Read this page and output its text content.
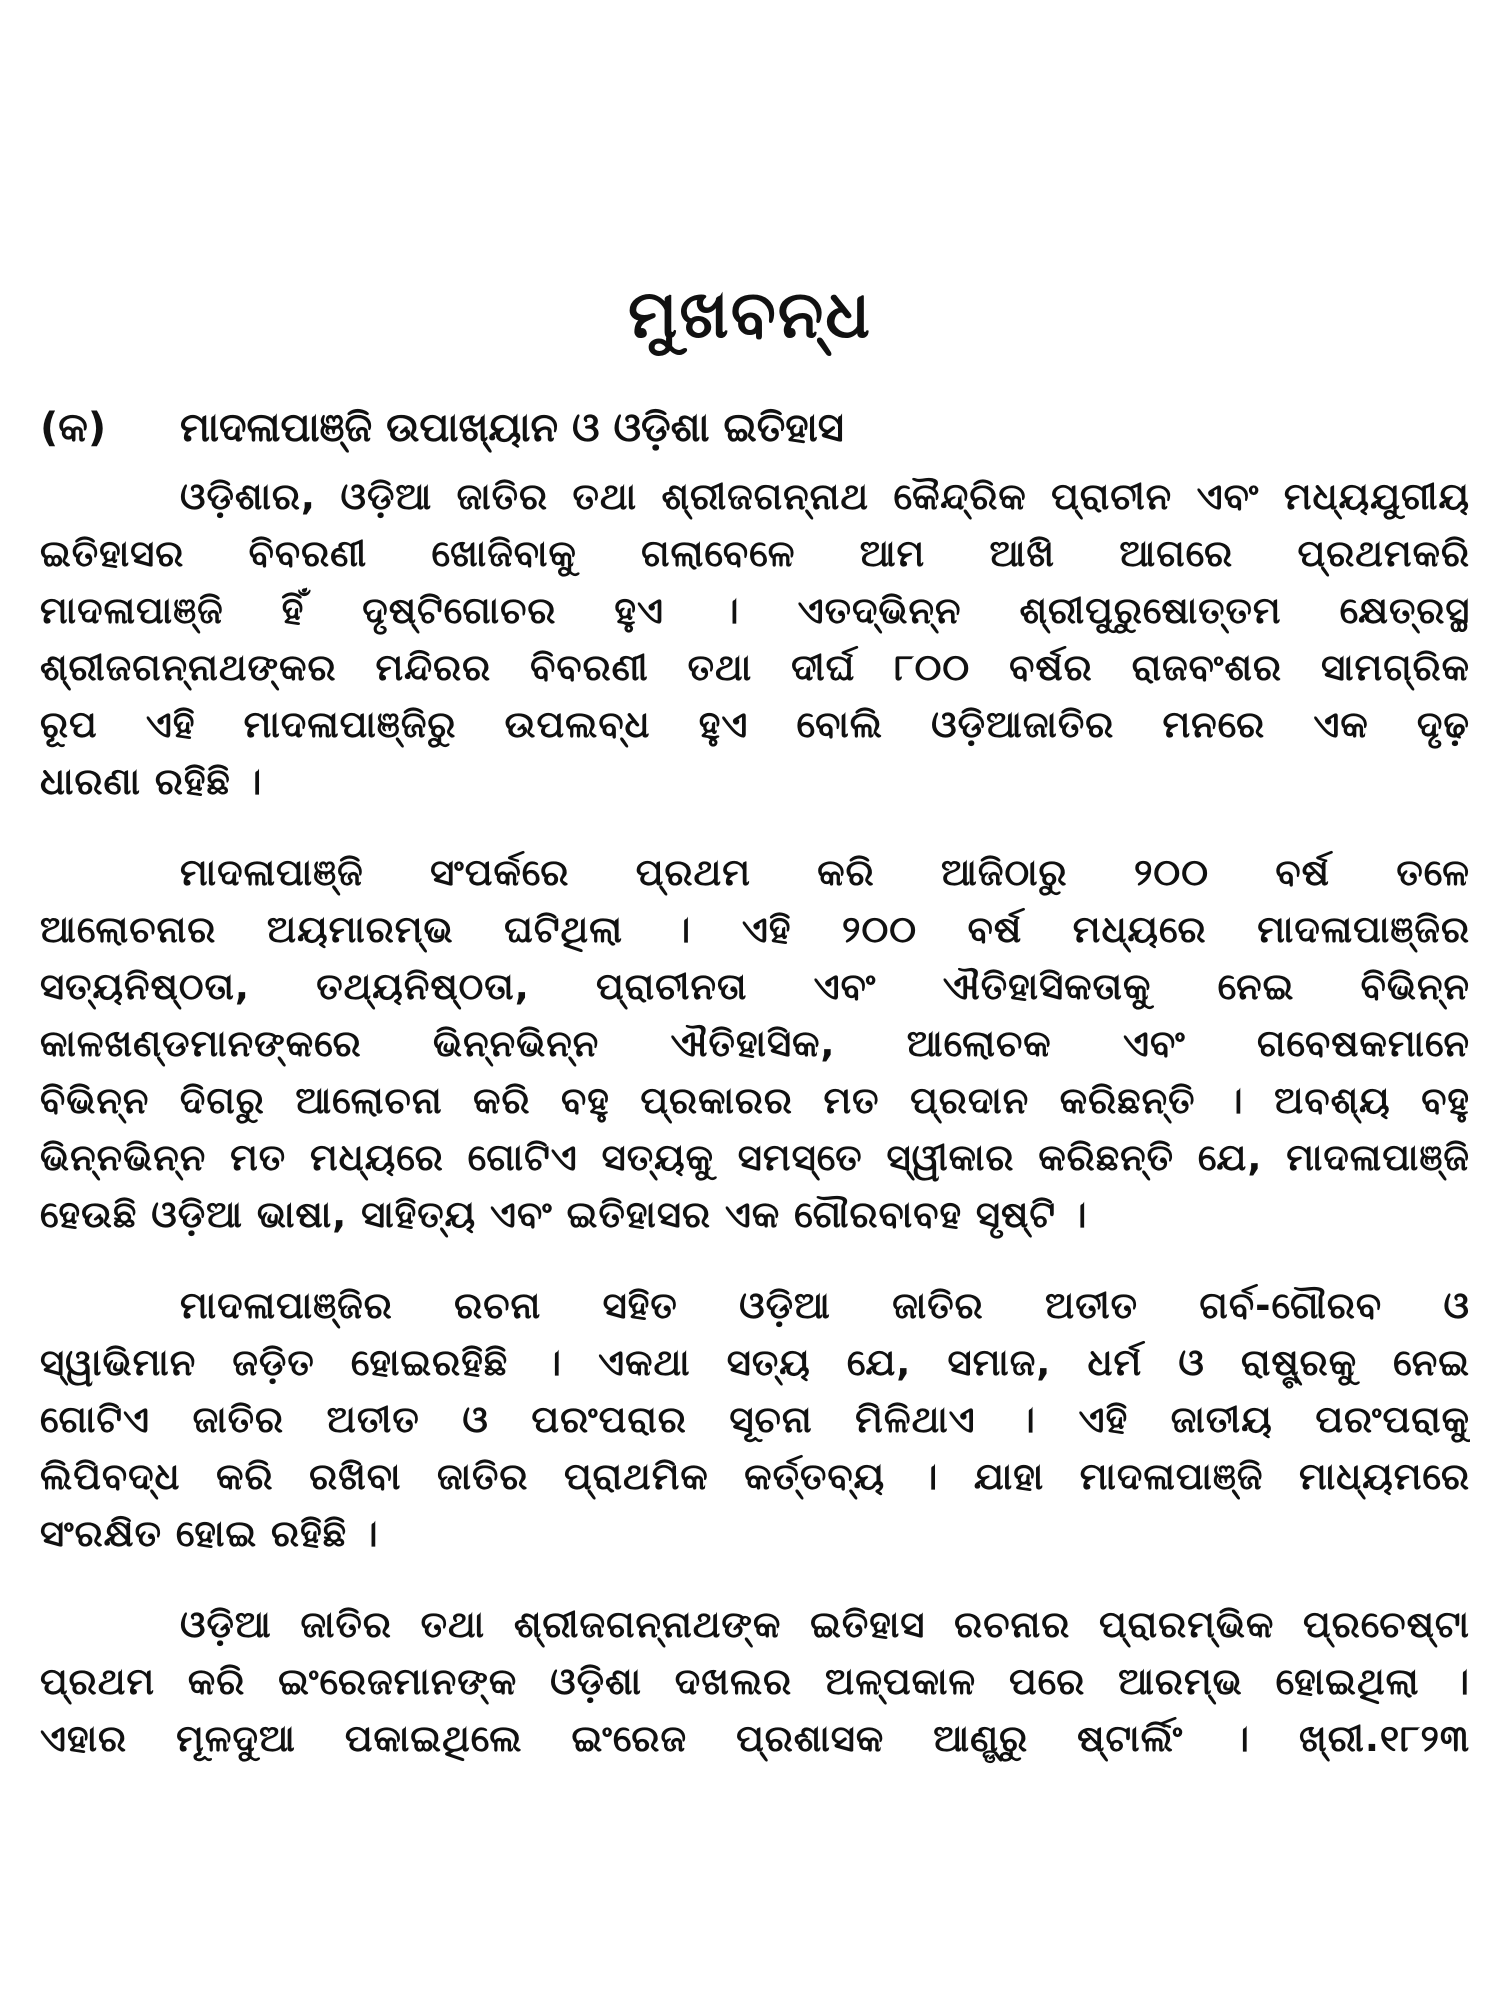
ମୁଖବନ୍ଧ
(କ) ମାଦଳାପାଞ୍ଜି ଉପାଖ୍ୟାନ ଓ ଓଡ଼ିଶା ଇତିହାସ
ଓଡ଼ିଶାର, ଓଡ଼ିଆ ଜାତିର ତଥା ଶ୍ରୀଜଗନ୍ନାଥ କୈନ୍ଦ୍ରିକ ପ୍ରାଚୀନ ଏବଂ ମଧ୍ୟଯୁଗୀୟ
ଇତିହାସର ବିବରଣୀ ଖୋଜିବାକୁ ଗଲାବେଳେ ଆମ ଆଖି ଆଗରେ ପ୍ରଥମକରି
ମାଦଳାପାଞ୍ଜି ହିଁ ଦୃଷ୍ଟିଗୋଚର ହୁଏ । ଏତଦ୍‌ଭିନ୍ନ ଶ୍ରୀପୁରୁଷୋତ୍ତମ କ୍ଷେତ୍ରସ୍ଥ
ଶ୍ରୀଜଗନ୍ନାଥଙ୍କର ମନ୍ଦିରର ବିବରଣୀ ତଥା ଦୀର୍ଘ ୮୦୦ ବର୍ଷର ରାଜବଂଶର ସାମଗ୍ରିକ
ରୂପ ଏହି ମାଦଳାପାଞ୍ଜିରୁ ଉପଲବ୍ଧ ହୁଏ ବୋଲି ଓଡ଼ିଆଜାତିର ମନରେ ଏକ ଦୃଢ଼
ଧାରଣା ରହିଛି ।
ମାଦଳାପାଞ୍ଜି ସଂପର୍କରେ ପ୍ରଥମ କରି ଆଜିଠାରୁ ୨୦୦ ବର୍ଷ ତଳେ
ଆଲୋଚନାର ଅୟମାରମ୍ଭ ଘଟିଥିଲା । ଏହି ୨୦୦ ବର୍ଷ ମଧ୍ୟରେ ମାଦଳାପାଞ୍ଜିର
ସତ୍ୟନିଷ୍ଠତା, ତଥ୍ୟନିଷ୍ଠତା, ପ୍ରାଚୀନତା ଏବଂ ଐତିହାସିକତାକୁ ନେଇ ବିଭିନ୍ନ
କାଳଖଣ୍ଡମାନଙ୍କରେ ଭିନ୍ନଭିନ୍ନ ଐତିହାସିକ, ଆଲୋଚକ ଏବଂ ଗବେଷକମାନେ
ବିଭିନ୍ନ ଦିଗରୁ ଆଲୋଚନା କରି ବହୁ ପ୍ରକାରର ମତ ପ୍ରଦାନ କରିଛନ୍ତି । ଅବଶ୍ୟ ବହୁ
ଭିନ୍ନଭିନ୍ନ ମତ ମଧ୍ୟରେ ଗୋଟିଏ ସତ୍ୟକୁ ସମସ୍ତେ ସ୍ୱୀକାର କରିଛନ୍ତି ଯେ, ମାଦଳାପାଞ୍ଜି
ହେଉଛି ଓଡ଼ିଆ ଭାଷା, ସାହିତ୍ୟ ଏବଂ ଇତିହାସର ଏକ ଗୌରବାବହ ସୃଷ୍ଟି ।
ମାଦଳାପାଞ୍ଜିର ରଚନା ସହିତ ଓଡ଼ିଆ ଜାତିର ଅତୀତ ଗର୍ବ-ଗୌରବ ଓ
ସ୍ୱାଭିମାନ ଜଡ଼ିତ ହୋଇରହିଛି । ଏକଥା ସତ୍ୟ ଯେ, ସମାଜ, ଧର୍ମ ଓ ରାଷ୍ଟ୍ରକୁ ନେଇ
ଗୋଟିଏ ଜାତିର ଅତୀତ ଓ ପରଂପରାର ସୂଚନା ମିଳିଥାଏ । ଏହି ଜାତୀୟ ପରଂପରାକୁ
ଲିପିବଦ୍ଧ କରି ରଖିବା ଜାତିର ପ୍ରାଥମିକ କର୍ତ୍ତବ୍ୟ । ଯାହା ମାଦଳାପାଞ୍ଜି ମାଧ୍ୟମରେ
ସଂରକ୍ଷିତ ହୋଇ ରହିଛି ।
ଓଡ଼ିଆ ଜାତିର ତଥା ଶ୍ରୀଜଗନ୍ନାଥଙ୍କ ଇତିହାସ ରଚନାର ପ୍ରାରମ୍ଭିକ ପ୍ରଚେଷ୍ଟା
ପ୍ରଥମ କରି ଇଂରେଜମାନଙ୍କ ଓଡ଼ିଶା ଦଖଲର ଅଳ୍ପକାଳ ପରେ ଆରମ୍ଭ ହୋଇଥିଲା ।
ଏହାର ମୂଳଦୁଆ ପକାଇଥିଲେ ଇଂରେଜ ପ୍ରଶାସକ ଆଣ୍ଡ୍ରୁ ଷ୍ଟାର୍ଲିଂ । ଖ୍ରୀ.୧୮୨୩
